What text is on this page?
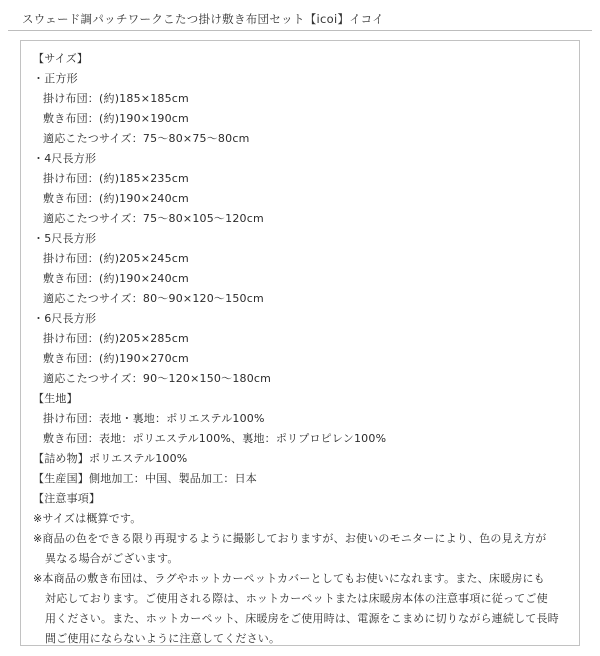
スウェード調パッチワークこたつ掛け敷き布団セット【icoi】イコイ
【サイズ】
・正方形
掛け布団：(約)185×185cm
敷き布団：(約)190×190cm
適応こたつサイズ：75～80×75～80cm
・4尺長方形
掛け布団：(約)185×235cm
敷き布団：(約)190×240cm
適応こたつサイズ：75～80×105～120cm
・5尺長方形
掛け布団：(約)205×245cm
敷き布団：(約)190×240cm
適応こたつサイズ：80～90×120～150cm
・6尺長方形
掛け布団：(約)205×285cm
敷き布団：(約)190×270cm
適応こたつサイズ：90～120×150～180cm
【生地】
掛け布団：表地・裏地：ポリエステル100%
敷き布団：表地：ポリエステル100%、裏地：ポリプロピレン100%
【詰め物】ポリエステル100%
【生産国】側地加工：中国、製品加工：日本
【注意事項】
※サイズは概算です。
※商品の色をできる限り再現するように撮影しておりますが、お使いのモニターにより、色の見え方が
異なる場合がございます。
※本商品の敷き布団は、ラグやホットカーペットカバーとしてもお使いになれます。また、床暖房にも
対応しております。ご使用される際は、ホットカーペットまたは床暖房本体の注意事項に従ってご使
用ください。また、ホットカーペット、床暖房をご使用時は、電源をこまめに切りながら連続して長時
間ご使用にならないように注意してください。
